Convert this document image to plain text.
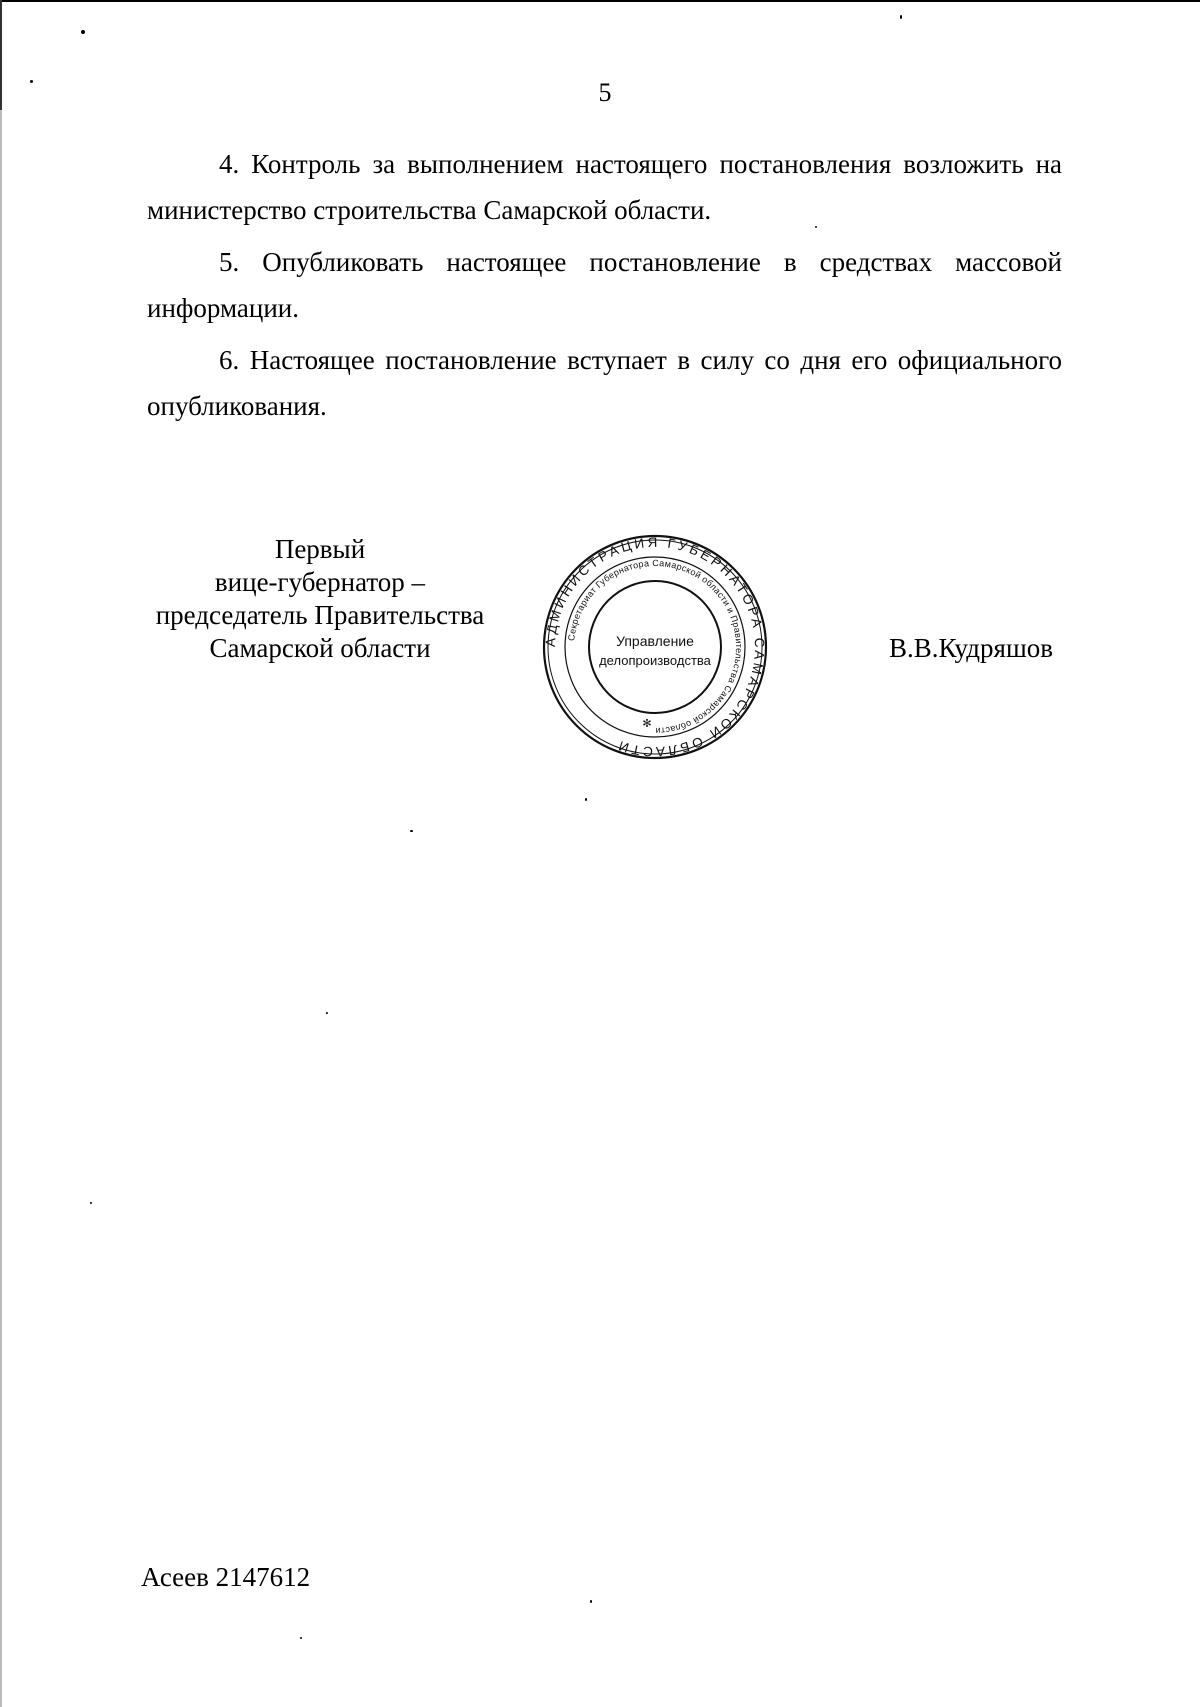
5
4. Контроль за выполнением настоящего постановления возложить на министерство строительства Самарской области.
5. Опубликовать настоящее постановление в средствах массовой информации.
6. Настоящее постановление вступает в силу со дня его официального опубликования.
Первый
вице-губернатор –
председатель Правительства
Самарской области	АДМИНИСТРАЦИЯ ГУБЕРНАТОРА САМАРСКОЙ ОБЛАСТИ
Секретариат Губернатора Самарской области и Правительства Самарской области
Управление
делопроизводства
✻
В.В.Кудряшов
Асеев 2147612
